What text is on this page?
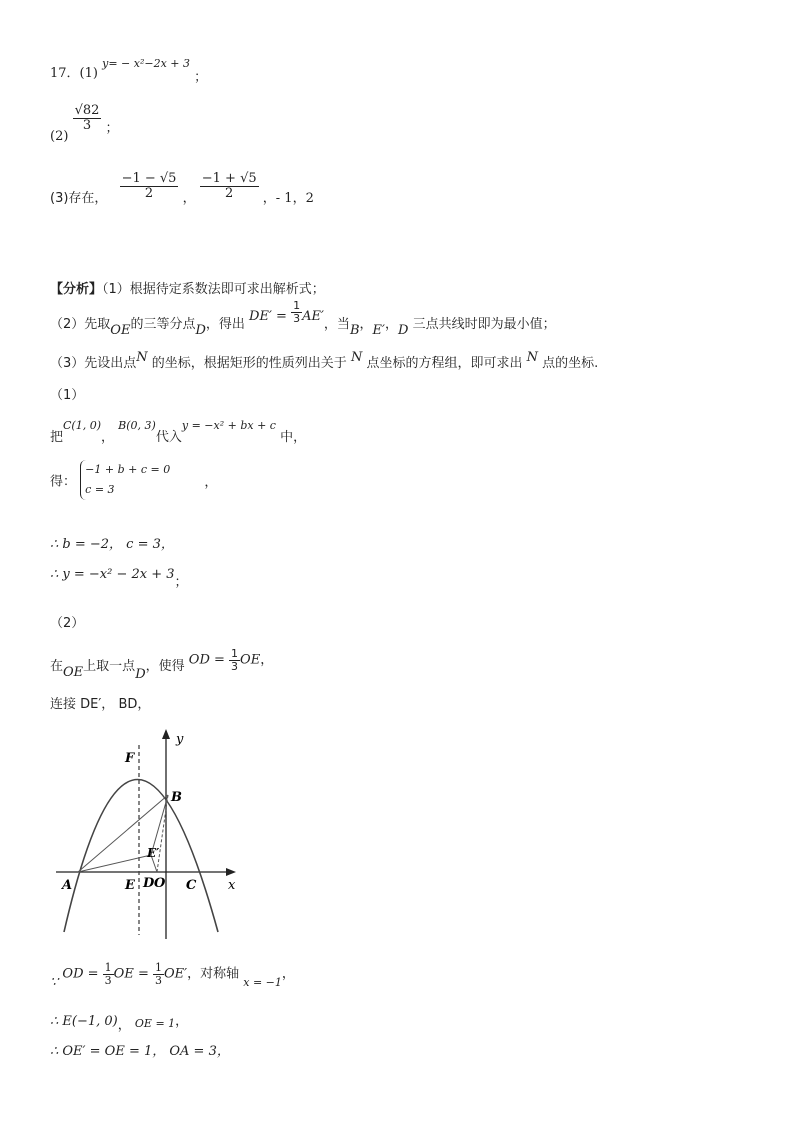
17．(1) $^{y= - x^2-2x + 3}$ ；
(2)
$\frac{√82}{3}$ ；
(3)存在， $\frac{-1 - √5}{2}$ ， $\frac{-1 + √5}{2}$ ，- 1，2
【分析】（1）根据待定系数法即可求出解析式；
（2）先取OE的三等分点D，得出 $DE' = \frac{1}{3} AE'$，当B，E′，D 三点共线时即为最小值；
（3）先设出点N 的坐标，根据矩形的性质列出关于 N 点坐标的方程组，即可求出 N 点的坐标.
（1）
把C(1, 0)， B(0, 3)代入y = −x² + bx + c 中，
得：
−1 + b + c = 0
c = 3	，
∴ b = −2， c = 3，
∴ y = −x² − 2x + 3；
（2）
在OE上取一点D，使得 OD = $\frac{1}{3}$ OE，
连接 DE′， BD，
y
x
F
B
E′
A	E D O C
∵ OD = $\frac{1}{3}$ OE = $\frac{1}{3} OE'$，对称轴 $_{x = -1}$，
∴ E(−1, 0)， OE = 1，
∴ OE′ = OE = 1， OA = 3，
